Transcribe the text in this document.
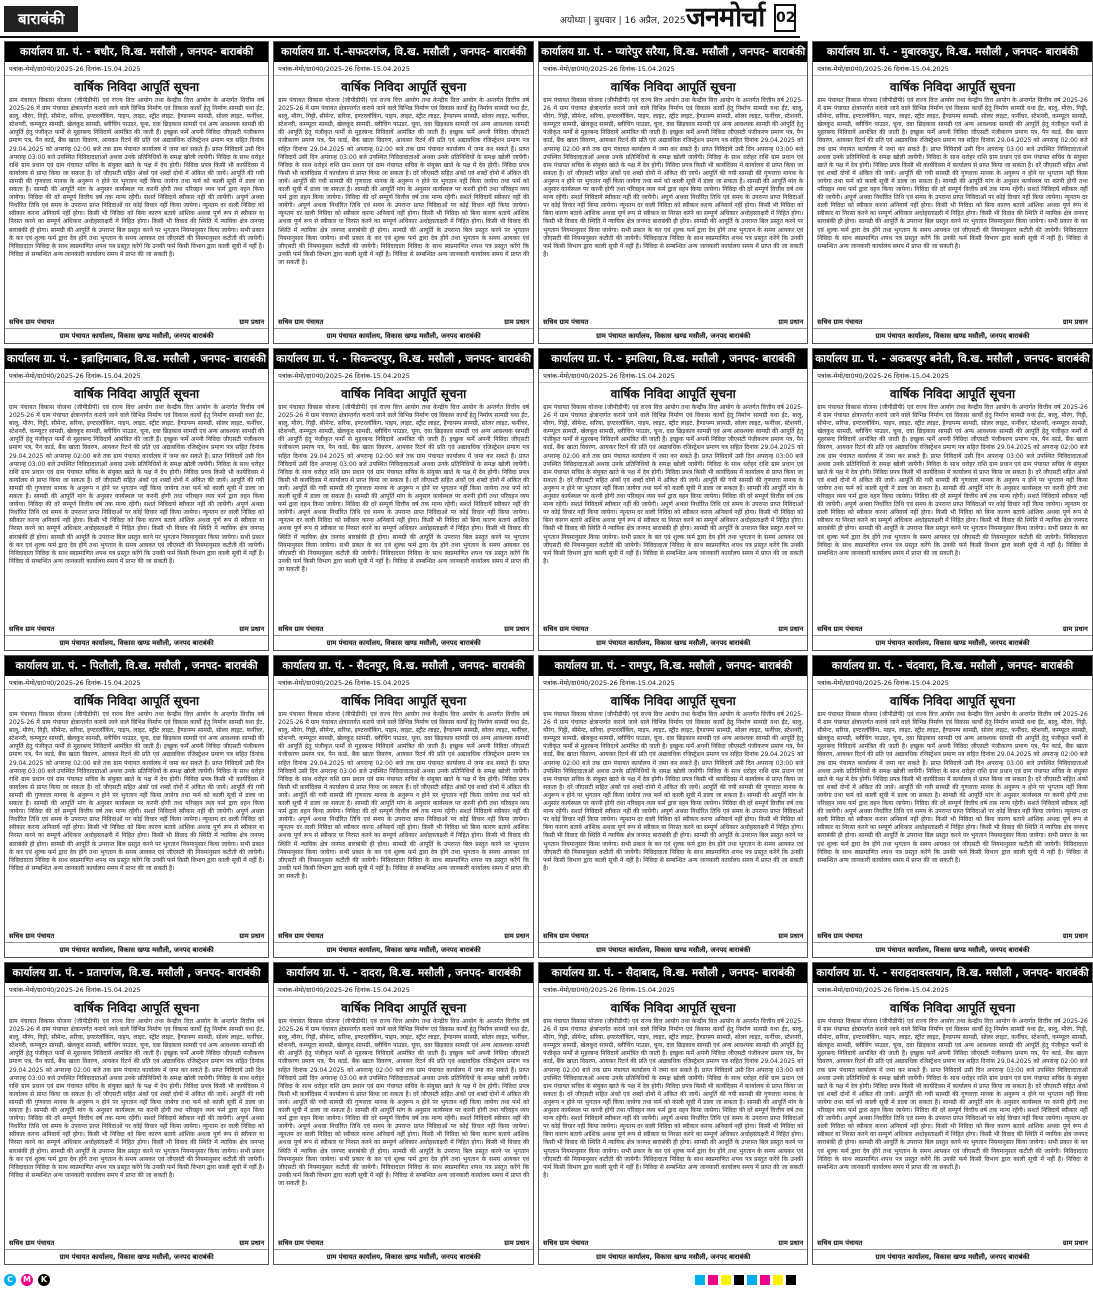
बाराबंकी	अयोध्या | बुधवार | 16 अप्रैल, 2025 जनमोर्चा 02
कार्यालय ग्रा. पं. - बधौर, वि.ख. मसौली , जनपद- बाराबंकी
पत्रांक-मेमो/ग्रा0पं0/2025-26 दिनांक-15.04.2025
वार्षिक निविदा आपूर्ति सूचना
ग्राम पंचायत विकास योजना (जीपीडीपी) एवं राज्य वित्त आयोग तथा केन्द्रीय वित्त आयोग के अन्तर्गत वित्तीय वर्ष 2025-26 में ग्राम पंचायत क्षेत्रान्तर्गत कराये जाने वाले विभिन्न निर्माण एवं विकास कार्यों हेतु निर्माण सामग्री यथा ईंट, बालू, मौरंग, गिट्टी, सीमेन्ट, सरिया, इण्टरलॉकिंग, पाइप, लाइट, स्ट्रीट लाइट, हैण्डपम्प सामग्री, सोलर लाइट, फर्नीचर, स्टेशनरी, कम्प्यूटर सामग्री, खेलकूद सामग्री, ब्लीचिंग पाउडर, चूना, दवा छिड़काव सामग्री एवं अन्य आवश्यक सामग्री की आपूर्ति हेतु पंजीकृत फर्मों से मुहरबन्द निविदायें आमंत्रित की जाती हैं। इच्छुक फर्में अपनी निविदा जीएसटी पंजीकरण प्रमाण पत्र, पैन कार्ड, बैंक खाता विवरण, आयकर रिटर्न की प्रति एवं अद्यावधिक रजिस्ट्रेशन प्रमाण पत्र सहित दिनांक 29.04.2025 को अपरान्ह 02:00 बजे तक ग्राम पंचायत कार्यालय में जमा कर सकते हैं। प्राप्त निविदायें उसी दिन अपरान्ह 03:00 बजे उपस्थित निविदादाताओं अथवा उनके प्रतिनिधियों के समक्ष खोली जायेंगी। निविदा के साथ धरोहर राशि ग्राम प्रधान एवं ग्राम पंचायत सचिव के संयुक्त खाते के पक्ष में देय होगी। निविदा प्रपत्र किसी भी कार्यदिवस में कार्यालय से प्राप्त किया जा सकता है। दरें जीएसटी सहित अंकों एवं शब्दों दोनों में अंकित की जायें। आपूर्ति की गयी सामग्री की गुणवत्ता मानक के अनुरूप न होने पर भुगतान नहीं किया जायेगा तथा फर्म को काली सूची में डाला जा सकता है। सामग्री की आपूर्ति मांग के अनुसार कार्यस्थल पर करनी होगी तथा परिवहन व्यय फर्म द्वारा वहन किया जायेगा। निविदा की दरें सम्पूर्ण वित्तीय वर्ष तक मान्य रहेंगी। सशर्त निविदायें स्वीकार नहीं की जायेंगी। अपूर्ण अथवा निर्धारित तिथि एवं समय के उपरान्त प्राप्त निविदाओं पर कोई विचार नहीं किया जायेगा। न्यूनतम दर वाली निविदा को स्वीकार करना अनिवार्य नहीं होगा। किसी भी निविदा को बिना कारण बताये आंशिक अथवा पूर्ण रूप से स्वीकार या निरस्त करने का सम्पूर्ण अधिकार अधोहस्ताक्षरी में निहित होगा। किसी भी विवाद की स्थिति में न्यायिक क्षेत्र जनपद बाराबंकी ही होगा। सामग्री की आपूर्ति के उपरान्त बिल प्रस्तुत करने पर भुगतान नियमानुसार किया जायेगा। सभी प्रकार के कर एवं शुल्क फर्म द्वारा देय होंगे तथा भुगतान के समय आयकर एवं जीएसटी की नियमानुसार कटौती की जायेगी। निविदादाता निविदा के साथ स्वप्रमाणित शपथ पत्र प्रस्तुत करेंगे कि उनकी फर्म किसी विभाग द्वारा काली सूची में नहीं है। निविदा से सम्बन्धित अन्य जानकारी कार्यालय समय में प्राप्त की जा सकती है।
सचिव ग्राम पंचायत	ग्राम प्रधान
ग्राम पंचायत कार्यालय, विकास खण्ड मसौली, जनपद बाराबंकी
कार्यालय ग्रा. पं.-सफदरगंज, वि.ख. मसौली , जनपद- बाराबंकी
पत्रांक-मेमो/ग्रा0पं0/2025-26 दिनांक-15.04.2025
वार्षिक निविदा आपूर्ति सूचना
ग्राम पंचायत विकास योजना (जीपीडीपी) एवं राज्य वित्त आयोग तथा केन्द्रीय वित्त आयोग के अन्तर्गत वित्तीय वर्ष 2025-26 में ग्राम पंचायत क्षेत्रान्तर्गत कराये जाने वाले विभिन्न निर्माण एवं विकास कार्यों हेतु निर्माण सामग्री यथा ईंट, बालू, मौरंग, गिट्टी, सीमेन्ट, सरिया, इण्टरलॉकिंग, पाइप, लाइट, स्ट्रीट लाइट, हैण्डपम्प सामग्री, सोलर लाइट, फर्नीचर, स्टेशनरी, कम्प्यूटर सामग्री, खेलकूद सामग्री, ब्लीचिंग पाउडर, चूना, दवा छिड़काव सामग्री एवं अन्य आवश्यक सामग्री की आपूर्ति हेतु पंजीकृत फर्मों से मुहरबन्द निविदायें आमंत्रित की जाती हैं। इच्छुक फर्में अपनी निविदा जीएसटी पंजीकरण प्रमाण पत्र, पैन कार्ड, बैंक खाता विवरण, आयकर रिटर्न की प्रति एवं अद्यावधिक रजिस्ट्रेशन प्रमाण पत्र सहित दिनांक 29.04.2025 को अपरान्ह 02:00 बजे तक ग्राम पंचायत कार्यालय में जमा कर सकते हैं। प्राप्त निविदायें उसी दिन अपरान्ह 03:00 बजे उपस्थित निविदादाताओं अथवा उनके प्रतिनिधियों के समक्ष खोली जायेंगी। निविदा के साथ धरोहर राशि ग्राम प्रधान एवं ग्राम पंचायत सचिव के संयुक्त खाते के पक्ष में देय होगी। निविदा प्रपत्र किसी भी कार्यदिवस में कार्यालय से प्राप्त किया जा सकता है। दरें जीएसटी सहित अंकों एवं शब्दों दोनों में अंकित की जायें। आपूर्ति की गयी सामग्री की गुणवत्ता मानक के अनुरूप न होने पर भुगतान नहीं किया जायेगा तथा फर्म को काली सूची में डाला जा सकता है। सामग्री की आपूर्ति मांग के अनुसार कार्यस्थल पर करनी होगी तथा परिवहन व्यय फर्म द्वारा वहन किया जायेगा। निविदा की दरें सम्पूर्ण वित्तीय वर्ष तक मान्य रहेंगी। सशर्त निविदायें स्वीकार नहीं की जायेंगी। अपूर्ण अथवा निर्धारित तिथि एवं समय के उपरान्त प्राप्त निविदाओं पर कोई विचार नहीं किया जायेगा। न्यूनतम दर वाली निविदा को स्वीकार करना अनिवार्य नहीं होगा। किसी भी निविदा को बिना कारण बताये आंशिक अथवा पूर्ण रूप से स्वीकार या निरस्त करने का सम्पूर्ण अधिकार अधोहस्ताक्षरी में निहित होगा। किसी भी विवाद की स्थिति में न्यायिक क्षेत्र जनपद बाराबंकी ही होगा। सामग्री की आपूर्ति के उपरान्त बिल प्रस्तुत करने पर भुगतान नियमानुसार किया जायेगा। सभी प्रकार के कर एवं शुल्क फर्म द्वारा देय होंगे तथा भुगतान के समय आयकर एवं जीएसटी की नियमानुसार कटौती की जायेगी। निविदादाता निविदा के साथ स्वप्रमाणित शपथ पत्र प्रस्तुत करेंगे कि उनकी फर्म किसी विभाग द्वारा काली सूची में नहीं है। निविदा से सम्बन्धित अन्य जानकारी कार्यालय समय में प्राप्त की जा सकती है।
सचिव ग्राम पंचायत	ग्राम प्रधान
ग्राम पंचायत कार्यालय, विकास खण्ड मसौली, जनपद बाराबंकी
कार्यालय ग्रा. पं. - प्यारेपुर सरैया, वि.ख. मसौली , जनपद- बाराबंकी
पत्रांक-मेमो/ग्रा0पं0/2025-26 दिनांक-15.04.2025
वार्षिक निविदा आपूर्ति सूचना
ग्राम पंचायत विकास योजना (जीपीडीपी) एवं राज्य वित्त आयोग तथा केन्द्रीय वित्त आयोग के अन्तर्गत वित्तीय वर्ष 2025-26 में ग्राम पंचायत क्षेत्रान्तर्गत कराये जाने वाले विभिन्न निर्माण एवं विकास कार्यों हेतु निर्माण सामग्री यथा ईंट, बालू, मौरंग, गिट्टी, सीमेन्ट, सरिया, इण्टरलॉकिंग, पाइप, लाइट, स्ट्रीट लाइट, हैण्डपम्प सामग्री, सोलर लाइट, फर्नीचर, स्टेशनरी, कम्प्यूटर सामग्री, खेलकूद सामग्री, ब्लीचिंग पाउडर, चूना, दवा छिड़काव सामग्री एवं अन्य आवश्यक सामग्री की आपूर्ति हेतु पंजीकृत फर्मों से मुहरबन्द निविदायें आमंत्रित की जाती हैं। इच्छुक फर्में अपनी निविदा जीएसटी पंजीकरण प्रमाण पत्र, पैन कार्ड, बैंक खाता विवरण, आयकर रिटर्न की प्रति एवं अद्यावधिक रजिस्ट्रेशन प्रमाण पत्र सहित दिनांक 29.04.2025 को अपरान्ह 02:00 बजे तक ग्राम पंचायत कार्यालय में जमा कर सकते हैं। प्राप्त निविदायें उसी दिन अपरान्ह 03:00 बजे उपस्थित निविदादाताओं अथवा उनके प्रतिनिधियों के समक्ष खोली जायेंगी। निविदा के साथ धरोहर राशि ग्राम प्रधान एवं ग्राम पंचायत सचिव के संयुक्त खाते के पक्ष में देय होगी। निविदा प्रपत्र किसी भी कार्यदिवस में कार्यालय से प्राप्त किया जा सकता है। दरें जीएसटी सहित अंकों एवं शब्दों दोनों में अंकित की जायें। आपूर्ति की गयी सामग्री की गुणवत्ता मानक के अनुरूप न होने पर भुगतान नहीं किया जायेगा तथा फर्म को काली सूची में डाला जा सकता है। सामग्री की आपूर्ति मांग के अनुसार कार्यस्थल पर करनी होगी तथा परिवहन व्यय फर्म द्वारा वहन किया जायेगा। निविदा की दरें सम्पूर्ण वित्तीय वर्ष तक मान्य रहेंगी। सशर्त निविदायें स्वीकार नहीं की जायेंगी। अपूर्ण अथवा निर्धारित तिथि एवं समय के उपरान्त प्राप्त निविदाओं पर कोई विचार नहीं किया जायेगा। न्यूनतम दर वाली निविदा को स्वीकार करना अनिवार्य नहीं होगा। किसी भी निविदा को बिना कारण बताये आंशिक अथवा पूर्ण रूप से स्वीकार या निरस्त करने का सम्पूर्ण अधिकार अधोहस्ताक्षरी में निहित होगा। किसी भी विवाद की स्थिति में न्यायिक क्षेत्र जनपद बाराबंकी ही होगा। सामग्री की आपूर्ति के उपरान्त बिल प्रस्तुत करने पर भुगतान नियमानुसार किया जायेगा। सभी प्रकार के कर एवं शुल्क फर्म द्वारा देय होंगे तथा भुगतान के समय आयकर एवं जीएसटी की नियमानुसार कटौती की जायेगी। निविदादाता निविदा के साथ स्वप्रमाणित शपथ पत्र प्रस्तुत करेंगे कि उनकी फर्म किसी विभाग द्वारा काली सूची में नहीं है। निविदा से सम्बन्धित अन्य जानकारी कार्यालय समय में प्राप्त की जा सकती है।
सचिव ग्राम पंचायत	ग्राम प्रधान
ग्राम पंचायत कार्यालय, विकास खण्ड मसौली, जनपद बाराबंकी
कार्यालय ग्रा. पं. - मुबारकपुर, वि.ख. मसौली , जनपद- बाराबंकी
पत्रांक-मेमो/ग्रा0पं0/2025-26 दिनांक-15.04.2025
वार्षिक निविदा आपूर्ति सूचना
ग्राम पंचायत विकास योजना (जीपीडीपी) एवं राज्य वित्त आयोग तथा केन्द्रीय वित्त आयोग के अन्तर्गत वित्तीय वर्ष 2025-26 में ग्राम पंचायत क्षेत्रान्तर्गत कराये जाने वाले विभिन्न निर्माण एवं विकास कार्यों हेतु निर्माण सामग्री यथा ईंट, बालू, मौरंग, गिट्टी, सीमेन्ट, सरिया, इण्टरलॉकिंग, पाइप, लाइट, स्ट्रीट लाइट, हैण्डपम्प सामग्री, सोलर लाइट, फर्नीचर, स्टेशनरी, कम्प्यूटर सामग्री, खेलकूद सामग्री, ब्लीचिंग पाउडर, चूना, दवा छिड़काव सामग्री एवं अन्य आवश्यक सामग्री की आपूर्ति हेतु पंजीकृत फर्मों से मुहरबन्द निविदायें आमंत्रित की जाती हैं। इच्छुक फर्में अपनी निविदा जीएसटी पंजीकरण प्रमाण पत्र, पैन कार्ड, बैंक खाता विवरण, आयकर रिटर्न की प्रति एवं अद्यावधिक रजिस्ट्रेशन प्रमाण पत्र सहित दिनांक 29.04.2025 को अपरान्ह 02:00 बजे तक ग्राम पंचायत कार्यालय में जमा कर सकते हैं। प्राप्त निविदायें उसी दिन अपरान्ह 03:00 बजे उपस्थित निविदादाताओं अथवा उनके प्रतिनिधियों के समक्ष खोली जायेंगी। निविदा के साथ धरोहर राशि ग्राम प्रधान एवं ग्राम पंचायत सचिव के संयुक्त खाते के पक्ष में देय होगी। निविदा प्रपत्र किसी भी कार्यदिवस में कार्यालय से प्राप्त किया जा सकता है। दरें जीएसटी सहित अंकों एवं शब्दों दोनों में अंकित की जायें। आपूर्ति की गयी सामग्री की गुणवत्ता मानक के अनुरूप न होने पर भुगतान नहीं किया जायेगा तथा फर्म को काली सूची में डाला जा सकता है। सामग्री की आपूर्ति मांग के अनुसार कार्यस्थल पर करनी होगी तथा परिवहन व्यय फर्म द्वारा वहन किया जायेगा। निविदा की दरें सम्पूर्ण वित्तीय वर्ष तक मान्य रहेंगी। सशर्त निविदायें स्वीकार नहीं की जायेंगी। अपूर्ण अथवा निर्धारित तिथि एवं समय के उपरान्त प्राप्त निविदाओं पर कोई विचार नहीं किया जायेगा। न्यूनतम दर वाली निविदा को स्वीकार करना अनिवार्य नहीं होगा। किसी भी निविदा को बिना कारण बताये आंशिक अथवा पूर्ण रूप से स्वीकार या निरस्त करने का सम्पूर्ण अधिकार अधोहस्ताक्षरी में निहित होगा। किसी भी विवाद की स्थिति में न्यायिक क्षेत्र जनपद बाराबंकी ही होगा। सामग्री की आपूर्ति के उपरान्त बिल प्रस्तुत करने पर भुगतान नियमानुसार किया जायेगा। सभी प्रकार के कर एवं शुल्क फर्म द्वारा देय होंगे तथा भुगतान के समय आयकर एवं जीएसटी की नियमानुसार कटौती की जायेगी। निविदादाता निविदा के साथ स्वप्रमाणित शपथ पत्र प्रस्तुत करेंगे कि उनकी फर्म किसी विभाग द्वारा काली सूची में नहीं है। निविदा से सम्बन्धित अन्य जानकारी कार्यालय समय में प्राप्त की जा सकती है।
सचिव ग्राम पंचायत	ग्राम प्रधान
ग्राम पंचायत कार्यालय, विकास खण्ड मसौली, जनपद बाराबंकी
कार्यालय ग्रा. पं. - इब्राहिमाबाद, वि.ख. मसौली , जनपद- बाराबंकी
पत्रांक-मेमो/ग्रा0पं0/2025-26 दिनांक-15.04.2025
वार्षिक निविदा आपूर्ति सूचना
ग्राम पंचायत विकास योजना (जीपीडीपी) एवं राज्य वित्त आयोग तथा केन्द्रीय वित्त आयोग के अन्तर्गत वित्तीय वर्ष 2025-26 में ग्राम पंचायत क्षेत्रान्तर्गत कराये जाने वाले विभिन्न निर्माण एवं विकास कार्यों हेतु निर्माण सामग्री यथा ईंट, बालू, मौरंग, गिट्टी, सीमेन्ट, सरिया, इण्टरलॉकिंग, पाइप, लाइट, स्ट्रीट लाइट, हैण्डपम्प सामग्री, सोलर लाइट, फर्नीचर, स्टेशनरी, कम्प्यूटर सामग्री, खेलकूद सामग्री, ब्लीचिंग पाउडर, चूना, दवा छिड़काव सामग्री एवं अन्य आवश्यक सामग्री की आपूर्ति हेतु पंजीकृत फर्मों से मुहरबन्द निविदायें आमंत्रित की जाती हैं। इच्छुक फर्में अपनी निविदा जीएसटी पंजीकरण प्रमाण पत्र, पैन कार्ड, बैंक खाता विवरण, आयकर रिटर्न की प्रति एवं अद्यावधिक रजिस्ट्रेशन प्रमाण पत्र सहित दिनांक 29.04.2025 को अपरान्ह 02:00 बजे तक ग्राम पंचायत कार्यालय में जमा कर सकते हैं। प्राप्त निविदायें उसी दिन अपरान्ह 03:00 बजे उपस्थित निविदादाताओं अथवा उनके प्रतिनिधियों के समक्ष खोली जायेंगी। निविदा के साथ धरोहर राशि ग्राम प्रधान एवं ग्राम पंचायत सचिव के संयुक्त खाते के पक्ष में देय होगी। निविदा प्रपत्र किसी भी कार्यदिवस में कार्यालय से प्राप्त किया जा सकता है। दरें जीएसटी सहित अंकों एवं शब्दों दोनों में अंकित की जायें। आपूर्ति की गयी सामग्री की गुणवत्ता मानक के अनुरूप न होने पर भुगतान नहीं किया जायेगा तथा फर्म को काली सूची में डाला जा सकता है। सामग्री की आपूर्ति मांग के अनुसार कार्यस्थल पर करनी होगी तथा परिवहन व्यय फर्म द्वारा वहन किया जायेगा। निविदा की दरें सम्पूर्ण वित्तीय वर्ष तक मान्य रहेंगी। सशर्त निविदायें स्वीकार नहीं की जायेंगी। अपूर्ण अथवा निर्धारित तिथि एवं समय के उपरान्त प्राप्त निविदाओं पर कोई विचार नहीं किया जायेगा। न्यूनतम दर वाली निविदा को स्वीकार करना अनिवार्य नहीं होगा। किसी भी निविदा को बिना कारण बताये आंशिक अथवा पूर्ण रूप से स्वीकार या निरस्त करने का सम्पूर्ण अधिकार अधोहस्ताक्षरी में निहित होगा। किसी भी विवाद की स्थिति में न्यायिक क्षेत्र जनपद बाराबंकी ही होगा। सामग्री की आपूर्ति के उपरान्त बिल प्रस्तुत करने पर भुगतान नियमानुसार किया जायेगा। सभी प्रकार के कर एवं शुल्क फर्म द्वारा देय होंगे तथा भुगतान के समय आयकर एवं जीएसटी की नियमानुसार कटौती की जायेगी। निविदादाता निविदा के साथ स्वप्रमाणित शपथ पत्र प्रस्तुत करेंगे कि उनकी फर्म किसी विभाग द्वारा काली सूची में नहीं है। निविदा से सम्बन्धित अन्य जानकारी कार्यालय समय में प्राप्त की जा सकती है।
सचिव ग्राम पंचायत	ग्राम प्रधान
ग्राम पंचायत कार्यालय, विकास खण्ड मसौली, जनपद बाराबंकी
कार्यालय ग्रा. पं. - सिकन्दरपुर, वि.ख. मसौली , जनपद- बाराबंकी
पत्रांक-मेमो/ग्रा0पं0/2025-26 दिनांक-15.04.2025
वार्षिक निविदा आपूर्ति सूचना
ग्राम पंचायत विकास योजना (जीपीडीपी) एवं राज्य वित्त आयोग तथा केन्द्रीय वित्त आयोग के अन्तर्गत वित्तीय वर्ष 2025-26 में ग्राम पंचायत क्षेत्रान्तर्गत कराये जाने वाले विभिन्न निर्माण एवं विकास कार्यों हेतु निर्माण सामग्री यथा ईंट, बालू, मौरंग, गिट्टी, सीमेन्ट, सरिया, इण्टरलॉकिंग, पाइप, लाइट, स्ट्रीट लाइट, हैण्डपम्प सामग्री, सोलर लाइट, फर्नीचर, स्टेशनरी, कम्प्यूटर सामग्री, खेलकूद सामग्री, ब्लीचिंग पाउडर, चूना, दवा छिड़काव सामग्री एवं अन्य आवश्यक सामग्री की आपूर्ति हेतु पंजीकृत फर्मों से मुहरबन्द निविदायें आमंत्रित की जाती हैं। इच्छुक फर्में अपनी निविदा जीएसटी पंजीकरण प्रमाण पत्र, पैन कार्ड, बैंक खाता विवरण, आयकर रिटर्न की प्रति एवं अद्यावधिक रजिस्ट्रेशन प्रमाण पत्र सहित दिनांक 29.04.2025 को अपरान्ह 02:00 बजे तक ग्राम पंचायत कार्यालय में जमा कर सकते हैं। प्राप्त निविदायें उसी दिन अपरान्ह 03:00 बजे उपस्थित निविदादाताओं अथवा उनके प्रतिनिधियों के समक्ष खोली जायेंगी। निविदा के साथ धरोहर राशि ग्राम प्रधान एवं ग्राम पंचायत सचिव के संयुक्त खाते के पक्ष में देय होगी। निविदा प्रपत्र किसी भी कार्यदिवस में कार्यालय से प्राप्त किया जा सकता है। दरें जीएसटी सहित अंकों एवं शब्दों दोनों में अंकित की जायें। आपूर्ति की गयी सामग्री की गुणवत्ता मानक के अनुरूप न होने पर भुगतान नहीं किया जायेगा तथा फर्म को काली सूची में डाला जा सकता है। सामग्री की आपूर्ति मांग के अनुसार कार्यस्थल पर करनी होगी तथा परिवहन व्यय फर्म द्वारा वहन किया जायेगा। निविदा की दरें सम्पूर्ण वित्तीय वर्ष तक मान्य रहेंगी। सशर्त निविदायें स्वीकार नहीं की जायेंगी। अपूर्ण अथवा निर्धारित तिथि एवं समय के उपरान्त प्राप्त निविदाओं पर कोई विचार नहीं किया जायेगा। न्यूनतम दर वाली निविदा को स्वीकार करना अनिवार्य नहीं होगा। किसी भी निविदा को बिना कारण बताये आंशिक अथवा पूर्ण रूप से स्वीकार या निरस्त करने का सम्पूर्ण अधिकार अधोहस्ताक्षरी में निहित होगा। किसी भी विवाद की स्थिति में न्यायिक क्षेत्र जनपद बाराबंकी ही होगा। सामग्री की आपूर्ति के उपरान्त बिल प्रस्तुत करने पर भुगतान नियमानुसार किया जायेगा। सभी प्रकार के कर एवं शुल्क फर्म द्वारा देय होंगे तथा भुगतान के समय आयकर एवं जीएसटी की नियमानुसार कटौती की जायेगी। निविदादाता निविदा के साथ स्वप्रमाणित शपथ पत्र प्रस्तुत करेंगे कि उनकी फर्म किसी विभाग द्वारा काली सूची में नहीं है। निविदा से सम्बन्धित अन्य जानकारी कार्यालय समय में प्राप्त की जा सकती है।
सचिव ग्राम पंचायत	ग्राम प्रधान
ग्राम पंचायत कार्यालय, विकास खण्ड मसौली, जनपद बाराबंकी
कार्यालय ग्रा. पं. - इमलिया, वि.ख. मसौली , जनपद- बाराबंकी
पत्रांक-मेमो/ग्रा0पं0/2025-26 दिनांक-15.04.2025
वार्षिक निविदा आपूर्ति सूचना
ग्राम पंचायत विकास योजना (जीपीडीपी) एवं राज्य वित्त आयोग तथा केन्द्रीय वित्त आयोग के अन्तर्गत वित्तीय वर्ष 2025-26 में ग्राम पंचायत क्षेत्रान्तर्गत कराये जाने वाले विभिन्न निर्माण एवं विकास कार्यों हेतु निर्माण सामग्री यथा ईंट, बालू, मौरंग, गिट्टी, सीमेन्ट, सरिया, इण्टरलॉकिंग, पाइप, लाइट, स्ट्रीट लाइट, हैण्डपम्प सामग्री, सोलर लाइट, फर्नीचर, स्टेशनरी, कम्प्यूटर सामग्री, खेलकूद सामग्री, ब्लीचिंग पाउडर, चूना, दवा छिड़काव सामग्री एवं अन्य आवश्यक सामग्री की आपूर्ति हेतु पंजीकृत फर्मों से मुहरबन्द निविदायें आमंत्रित की जाती हैं। इच्छुक फर्में अपनी निविदा जीएसटी पंजीकरण प्रमाण पत्र, पैन कार्ड, बैंक खाता विवरण, आयकर रिटर्न की प्रति एवं अद्यावधिक रजिस्ट्रेशन प्रमाण पत्र सहित दिनांक 29.04.2025 को अपरान्ह 02:00 बजे तक ग्राम पंचायत कार्यालय में जमा कर सकते हैं। प्राप्त निविदायें उसी दिन अपरान्ह 03:00 बजे उपस्थित निविदादाताओं अथवा उनके प्रतिनिधियों के समक्ष खोली जायेंगी। निविदा के साथ धरोहर राशि ग्राम प्रधान एवं ग्राम पंचायत सचिव के संयुक्त खाते के पक्ष में देय होगी। निविदा प्रपत्र किसी भी कार्यदिवस में कार्यालय से प्राप्त किया जा सकता है। दरें जीएसटी सहित अंकों एवं शब्दों दोनों में अंकित की जायें। आपूर्ति की गयी सामग्री की गुणवत्ता मानक के अनुरूप न होने पर भुगतान नहीं किया जायेगा तथा फर्म को काली सूची में डाला जा सकता है। सामग्री की आपूर्ति मांग के अनुसार कार्यस्थल पर करनी होगी तथा परिवहन व्यय फर्म द्वारा वहन किया जायेगा। निविदा की दरें सम्पूर्ण वित्तीय वर्ष तक मान्य रहेंगी। सशर्त निविदायें स्वीकार नहीं की जायेंगी। अपूर्ण अथवा निर्धारित तिथि एवं समय के उपरान्त प्राप्त निविदाओं पर कोई विचार नहीं किया जायेगा। न्यूनतम दर वाली निविदा को स्वीकार करना अनिवार्य नहीं होगा। किसी भी निविदा को बिना कारण बताये आंशिक अथवा पूर्ण रूप से स्वीकार या निरस्त करने का सम्पूर्ण अधिकार अधोहस्ताक्षरी में निहित होगा। किसी भी विवाद की स्थिति में न्यायिक क्षेत्र जनपद बाराबंकी ही होगा। सामग्री की आपूर्ति के उपरान्त बिल प्रस्तुत करने पर भुगतान नियमानुसार किया जायेगा। सभी प्रकार के कर एवं शुल्क फर्म द्वारा देय होंगे तथा भुगतान के समय आयकर एवं जीएसटी की नियमानुसार कटौती की जायेगी। निविदादाता निविदा के साथ स्वप्रमाणित शपथ पत्र प्रस्तुत करेंगे कि उनकी फर्म किसी विभाग द्वारा काली सूची में नहीं है। निविदा से सम्बन्धित अन्य जानकारी कार्यालय समय में प्राप्त की जा सकती है।
सचिव ग्राम पंचायत	ग्राम प्रधान
ग्राम पंचायत कार्यालय, विकास खण्ड मसौली, जनपद बाराबंकी
कार्यालय ग्रा. पं. - अकबरपुर बनेती, वि.ख. मसौली , जनपद- बाराबंकी
पत्रांक-मेमो/ग्रा0पं0/2025-26 दिनांक-15.04.2025
वार्षिक निविदा आपूर्ति सूचना
ग्राम पंचायत विकास योजना (जीपीडीपी) एवं राज्य वित्त आयोग तथा केन्द्रीय वित्त आयोग के अन्तर्गत वित्तीय वर्ष 2025-26 में ग्राम पंचायत क्षेत्रान्तर्गत कराये जाने वाले विभिन्न निर्माण एवं विकास कार्यों हेतु निर्माण सामग्री यथा ईंट, बालू, मौरंग, गिट्टी, सीमेन्ट, सरिया, इण्टरलॉकिंग, पाइप, लाइट, स्ट्रीट लाइट, हैण्डपम्प सामग्री, सोलर लाइट, फर्नीचर, स्टेशनरी, कम्प्यूटर सामग्री, खेलकूद सामग्री, ब्लीचिंग पाउडर, चूना, दवा छिड़काव सामग्री एवं अन्य आवश्यक सामग्री की आपूर्ति हेतु पंजीकृत फर्मों से मुहरबन्द निविदायें आमंत्रित की जाती हैं। इच्छुक फर्में अपनी निविदा जीएसटी पंजीकरण प्रमाण पत्र, पैन कार्ड, बैंक खाता विवरण, आयकर रिटर्न की प्रति एवं अद्यावधिक रजिस्ट्रेशन प्रमाण पत्र सहित दिनांक 29.04.2025 को अपरान्ह 02:00 बजे तक ग्राम पंचायत कार्यालय में जमा कर सकते हैं। प्राप्त निविदायें उसी दिन अपरान्ह 03:00 बजे उपस्थित निविदादाताओं अथवा उनके प्रतिनिधियों के समक्ष खोली जायेंगी। निविदा के साथ धरोहर राशि ग्राम प्रधान एवं ग्राम पंचायत सचिव के संयुक्त खाते के पक्ष में देय होगी। निविदा प्रपत्र किसी भी कार्यदिवस में कार्यालय से प्राप्त किया जा सकता है। दरें जीएसटी सहित अंकों एवं शब्दों दोनों में अंकित की जायें। आपूर्ति की गयी सामग्री की गुणवत्ता मानक के अनुरूप न होने पर भुगतान नहीं किया जायेगा तथा फर्म को काली सूची में डाला जा सकता है। सामग्री की आपूर्ति मांग के अनुसार कार्यस्थल पर करनी होगी तथा परिवहन व्यय फर्म द्वारा वहन किया जायेगा। निविदा की दरें सम्पूर्ण वित्तीय वर्ष तक मान्य रहेंगी। सशर्त निविदायें स्वीकार नहीं की जायेंगी। अपूर्ण अथवा निर्धारित तिथि एवं समय के उपरान्त प्राप्त निविदाओं पर कोई विचार नहीं किया जायेगा। न्यूनतम दर वाली निविदा को स्वीकार करना अनिवार्य नहीं होगा। किसी भी निविदा को बिना कारण बताये आंशिक अथवा पूर्ण रूप से स्वीकार या निरस्त करने का सम्पूर्ण अधिकार अधोहस्ताक्षरी में निहित होगा। किसी भी विवाद की स्थिति में न्यायिक क्षेत्र जनपद बाराबंकी ही होगा। सामग्री की आपूर्ति के उपरान्त बिल प्रस्तुत करने पर भुगतान नियमानुसार किया जायेगा। सभी प्रकार के कर एवं शुल्क फर्म द्वारा देय होंगे तथा भुगतान के समय आयकर एवं जीएसटी की नियमानुसार कटौती की जायेगी। निविदादाता निविदा के साथ स्वप्रमाणित शपथ पत्र प्रस्तुत करेंगे कि उनकी फर्म किसी विभाग द्वारा काली सूची में नहीं है। निविदा से सम्बन्धित अन्य जानकारी कार्यालय समय में प्राप्त की जा सकती है।
सचिव ग्राम पंचायत	ग्राम प्रधान
ग्राम पंचायत कार्यालय, विकास खण्ड मसौली, जनपद बाराबंकी
कार्यालय ग्रा. पं. - पिलौली, वि.ख. मसौली , जनपद- बाराबंकी
पत्रांक-मेमो/ग्रा0पं0/2025-26 दिनांक-15.04.2025
वार्षिक निविदा आपूर्ति सूचना
ग्राम पंचायत विकास योजना (जीपीडीपी) एवं राज्य वित्त आयोग तथा केन्द्रीय वित्त आयोग के अन्तर्गत वित्तीय वर्ष 2025-26 में ग्राम पंचायत क्षेत्रान्तर्गत कराये जाने वाले विभिन्न निर्माण एवं विकास कार्यों हेतु निर्माण सामग्री यथा ईंट, बालू, मौरंग, गिट्टी, सीमेन्ट, सरिया, इण्टरलॉकिंग, पाइप, लाइट, स्ट्रीट लाइट, हैण्डपम्प सामग्री, सोलर लाइट, फर्नीचर, स्टेशनरी, कम्प्यूटर सामग्री, खेलकूद सामग्री, ब्लीचिंग पाउडर, चूना, दवा छिड़काव सामग्री एवं अन्य आवश्यक सामग्री की आपूर्ति हेतु पंजीकृत फर्मों से मुहरबन्द निविदायें आमंत्रित की जाती हैं। इच्छुक फर्में अपनी निविदा जीएसटी पंजीकरण प्रमाण पत्र, पैन कार्ड, बैंक खाता विवरण, आयकर रिटर्न की प्रति एवं अद्यावधिक रजिस्ट्रेशन प्रमाण पत्र सहित दिनांक 29.04.2025 को अपरान्ह 02:00 बजे तक ग्राम पंचायत कार्यालय में जमा कर सकते हैं। प्राप्त निविदायें उसी दिन अपरान्ह 03:00 बजे उपस्थित निविदादाताओं अथवा उनके प्रतिनिधियों के समक्ष खोली जायेंगी। निविदा के साथ धरोहर राशि ग्राम प्रधान एवं ग्राम पंचायत सचिव के संयुक्त खाते के पक्ष में देय होगी। निविदा प्रपत्र किसी भी कार्यदिवस में कार्यालय से प्राप्त किया जा सकता है। दरें जीएसटी सहित अंकों एवं शब्दों दोनों में अंकित की जायें। आपूर्ति की गयी सामग्री की गुणवत्ता मानक के अनुरूप न होने पर भुगतान नहीं किया जायेगा तथा फर्म को काली सूची में डाला जा सकता है। सामग्री की आपूर्ति मांग के अनुसार कार्यस्थल पर करनी होगी तथा परिवहन व्यय फर्म द्वारा वहन किया जायेगा। निविदा की दरें सम्पूर्ण वित्तीय वर्ष तक मान्य रहेंगी। सशर्त निविदायें स्वीकार नहीं की जायेंगी। अपूर्ण अथवा निर्धारित तिथि एवं समय के उपरान्त प्राप्त निविदाओं पर कोई विचार नहीं किया जायेगा। न्यूनतम दर वाली निविदा को स्वीकार करना अनिवार्य नहीं होगा। किसी भी निविदा को बिना कारण बताये आंशिक अथवा पूर्ण रूप से स्वीकार या निरस्त करने का सम्पूर्ण अधिकार अधोहस्ताक्षरी में निहित होगा। किसी भी विवाद की स्थिति में न्यायिक क्षेत्र जनपद बाराबंकी ही होगा। सामग्री की आपूर्ति के उपरान्त बिल प्रस्तुत करने पर भुगतान नियमानुसार किया जायेगा। सभी प्रकार के कर एवं शुल्क फर्म द्वारा देय होंगे तथा भुगतान के समय आयकर एवं जीएसटी की नियमानुसार कटौती की जायेगी। निविदादाता निविदा के साथ स्वप्रमाणित शपथ पत्र प्रस्तुत करेंगे कि उनकी फर्म किसी विभाग द्वारा काली सूची में नहीं है। निविदा से सम्बन्धित अन्य जानकारी कार्यालय समय में प्राप्त की जा सकती है।
सचिव ग्राम पंचायत	ग्राम प्रधान
ग्राम पंचायत कार्यालय, विकास खण्ड मसौली, जनपद बाराबंकी
कार्यालय ग्रा. पं. - सैदनपुर, वि.ख. मसौली , जनपद- बाराबंकी
पत्रांक-मेमो/ग्रा0पं0/2025-26 दिनांक-15.04.2025
वार्षिक निविदा आपूर्ति सूचना
ग्राम पंचायत विकास योजना (जीपीडीपी) एवं राज्य वित्त आयोग तथा केन्द्रीय वित्त आयोग के अन्तर्गत वित्तीय वर्ष 2025-26 में ग्राम पंचायत क्षेत्रान्तर्गत कराये जाने वाले विभिन्न निर्माण एवं विकास कार्यों हेतु निर्माण सामग्री यथा ईंट, बालू, मौरंग, गिट्टी, सीमेन्ट, सरिया, इण्टरलॉकिंग, पाइप, लाइट, स्ट्रीट लाइट, हैण्डपम्प सामग्री, सोलर लाइट, फर्नीचर, स्टेशनरी, कम्प्यूटर सामग्री, खेलकूद सामग्री, ब्लीचिंग पाउडर, चूना, दवा छिड़काव सामग्री एवं अन्य आवश्यक सामग्री की आपूर्ति हेतु पंजीकृत फर्मों से मुहरबन्द निविदायें आमंत्रित की जाती हैं। इच्छुक फर्में अपनी निविदा जीएसटी पंजीकरण प्रमाण पत्र, पैन कार्ड, बैंक खाता विवरण, आयकर रिटर्न की प्रति एवं अद्यावधिक रजिस्ट्रेशन प्रमाण पत्र सहित दिनांक 29.04.2025 को अपरान्ह 02:00 बजे तक ग्राम पंचायत कार्यालय में जमा कर सकते हैं। प्राप्त निविदायें उसी दिन अपरान्ह 03:00 बजे उपस्थित निविदादाताओं अथवा उनके प्रतिनिधियों के समक्ष खोली जायेंगी। निविदा के साथ धरोहर राशि ग्राम प्रधान एवं ग्राम पंचायत सचिव के संयुक्त खाते के पक्ष में देय होगी। निविदा प्रपत्र किसी भी कार्यदिवस में कार्यालय से प्राप्त किया जा सकता है। दरें जीएसटी सहित अंकों एवं शब्दों दोनों में अंकित की जायें। आपूर्ति की गयी सामग्री की गुणवत्ता मानक के अनुरूप न होने पर भुगतान नहीं किया जायेगा तथा फर्म को काली सूची में डाला जा सकता है। सामग्री की आपूर्ति मांग के अनुसार कार्यस्थल पर करनी होगी तथा परिवहन व्यय फर्म द्वारा वहन किया जायेगा। निविदा की दरें सम्पूर्ण वित्तीय वर्ष तक मान्य रहेंगी। सशर्त निविदायें स्वीकार नहीं की जायेंगी। अपूर्ण अथवा निर्धारित तिथि एवं समय के उपरान्त प्राप्त निविदाओं पर कोई विचार नहीं किया जायेगा। न्यूनतम दर वाली निविदा को स्वीकार करना अनिवार्य नहीं होगा। किसी भी निविदा को बिना कारण बताये आंशिक अथवा पूर्ण रूप से स्वीकार या निरस्त करने का सम्पूर्ण अधिकार अधोहस्ताक्षरी में निहित होगा। किसी भी विवाद की स्थिति में न्यायिक क्षेत्र जनपद बाराबंकी ही होगा। सामग्री की आपूर्ति के उपरान्त बिल प्रस्तुत करने पर भुगतान नियमानुसार किया जायेगा। सभी प्रकार के कर एवं शुल्क फर्म द्वारा देय होंगे तथा भुगतान के समय आयकर एवं जीएसटी की नियमानुसार कटौती की जायेगी। निविदादाता निविदा के साथ स्वप्रमाणित शपथ पत्र प्रस्तुत करेंगे कि उनकी फर्म किसी विभाग द्वारा काली सूची में नहीं है। निविदा से सम्बन्धित अन्य जानकारी कार्यालय समय में प्राप्त की जा सकती है।
सचिव ग्राम पंचायत	ग्राम प्रधान
ग्राम पंचायत कार्यालय, विकास खण्ड मसौली, जनपद बाराबंकी
कार्यालय ग्रा. पं. - रामपुर, वि.ख. मसौली , जनपद- बाराबंकी
पत्रांक-मेमो/ग्रा0पं0/2025-26 दिनांक-15.04.2025
वार्षिक निविदा आपूर्ति सूचना
ग्राम पंचायत विकास योजना (जीपीडीपी) एवं राज्य वित्त आयोग तथा केन्द्रीय वित्त आयोग के अन्तर्गत वित्तीय वर्ष 2025-26 में ग्राम पंचायत क्षेत्रान्तर्गत कराये जाने वाले विभिन्न निर्माण एवं विकास कार्यों हेतु निर्माण सामग्री यथा ईंट, बालू, मौरंग, गिट्टी, सीमेन्ट, सरिया, इण्टरलॉकिंग, पाइप, लाइट, स्ट्रीट लाइट, हैण्डपम्प सामग्री, सोलर लाइट, फर्नीचर, स्टेशनरी, कम्प्यूटर सामग्री, खेलकूद सामग्री, ब्लीचिंग पाउडर, चूना, दवा छिड़काव सामग्री एवं अन्य आवश्यक सामग्री की आपूर्ति हेतु पंजीकृत फर्मों से मुहरबन्द निविदायें आमंत्रित की जाती हैं। इच्छुक फर्में अपनी निविदा जीएसटी पंजीकरण प्रमाण पत्र, पैन कार्ड, बैंक खाता विवरण, आयकर रिटर्न की प्रति एवं अद्यावधिक रजिस्ट्रेशन प्रमाण पत्र सहित दिनांक 29.04.2025 को अपरान्ह 02:00 बजे तक ग्राम पंचायत कार्यालय में जमा कर सकते हैं। प्राप्त निविदायें उसी दिन अपरान्ह 03:00 बजे उपस्थित निविदादाताओं अथवा उनके प्रतिनिधियों के समक्ष खोली जायेंगी। निविदा के साथ धरोहर राशि ग्राम प्रधान एवं ग्राम पंचायत सचिव के संयुक्त खाते के पक्ष में देय होगी। निविदा प्रपत्र किसी भी कार्यदिवस में कार्यालय से प्राप्त किया जा सकता है। दरें जीएसटी सहित अंकों एवं शब्दों दोनों में अंकित की जायें। आपूर्ति की गयी सामग्री की गुणवत्ता मानक के अनुरूप न होने पर भुगतान नहीं किया जायेगा तथा फर्म को काली सूची में डाला जा सकता है। सामग्री की आपूर्ति मांग के अनुसार कार्यस्थल पर करनी होगी तथा परिवहन व्यय फर्म द्वारा वहन किया जायेगा। निविदा की दरें सम्पूर्ण वित्तीय वर्ष तक मान्य रहेंगी। सशर्त निविदायें स्वीकार नहीं की जायेंगी। अपूर्ण अथवा निर्धारित तिथि एवं समय के उपरान्त प्राप्त निविदाओं पर कोई विचार नहीं किया जायेगा। न्यूनतम दर वाली निविदा को स्वीकार करना अनिवार्य नहीं होगा। किसी भी निविदा को बिना कारण बताये आंशिक अथवा पूर्ण रूप से स्वीकार या निरस्त करने का सम्पूर्ण अधिकार अधोहस्ताक्षरी में निहित होगा। किसी भी विवाद की स्थिति में न्यायिक क्षेत्र जनपद बाराबंकी ही होगा। सामग्री की आपूर्ति के उपरान्त बिल प्रस्तुत करने पर भुगतान नियमानुसार किया जायेगा। सभी प्रकार के कर एवं शुल्क फर्म द्वारा देय होंगे तथा भुगतान के समय आयकर एवं जीएसटी की नियमानुसार कटौती की जायेगी। निविदादाता निविदा के साथ स्वप्रमाणित शपथ पत्र प्रस्तुत करेंगे कि उनकी फर्म किसी विभाग द्वारा काली सूची में नहीं है। निविदा से सम्बन्धित अन्य जानकारी कार्यालय समय में प्राप्त की जा सकती है।
सचिव ग्राम पंचायत	ग्राम प्रधान
ग्राम पंचायत कार्यालय, विकास खण्ड मसौली, जनपद बाराबंकी
कार्यालय ग्रा. पं. - चंदवारा, वि.ख. मसौली , जनपद- बाराबंकी
पत्रांक-मेमो/ग्रा0पं0/2025-26 दिनांक-15.04.2025
वार्षिक निविदा आपूर्ति सूचना
ग्राम पंचायत विकास योजना (जीपीडीपी) एवं राज्य वित्त आयोग तथा केन्द्रीय वित्त आयोग के अन्तर्गत वित्तीय वर्ष 2025-26 में ग्राम पंचायत क्षेत्रान्तर्गत कराये जाने वाले विभिन्न निर्माण एवं विकास कार्यों हेतु निर्माण सामग्री यथा ईंट, बालू, मौरंग, गिट्टी, सीमेन्ट, सरिया, इण्टरलॉकिंग, पाइप, लाइट, स्ट्रीट लाइट, हैण्डपम्प सामग्री, सोलर लाइट, फर्नीचर, स्टेशनरी, कम्प्यूटर सामग्री, खेलकूद सामग्री, ब्लीचिंग पाउडर, चूना, दवा छिड़काव सामग्री एवं अन्य आवश्यक सामग्री की आपूर्ति हेतु पंजीकृत फर्मों से मुहरबन्द निविदायें आमंत्रित की जाती हैं। इच्छुक फर्में अपनी निविदा जीएसटी पंजीकरण प्रमाण पत्र, पैन कार्ड, बैंक खाता विवरण, आयकर रिटर्न की प्रति एवं अद्यावधिक रजिस्ट्रेशन प्रमाण पत्र सहित दिनांक 29.04.2025 को अपरान्ह 02:00 बजे तक ग्राम पंचायत कार्यालय में जमा कर सकते हैं। प्राप्त निविदायें उसी दिन अपरान्ह 03:00 बजे उपस्थित निविदादाताओं अथवा उनके प्रतिनिधियों के समक्ष खोली जायेंगी। निविदा के साथ धरोहर राशि ग्राम प्रधान एवं ग्राम पंचायत सचिव के संयुक्त खाते के पक्ष में देय होगी। निविदा प्रपत्र किसी भी कार्यदिवस में कार्यालय से प्राप्त किया जा सकता है। दरें जीएसटी सहित अंकों एवं शब्दों दोनों में अंकित की जायें। आपूर्ति की गयी सामग्री की गुणवत्ता मानक के अनुरूप न होने पर भुगतान नहीं किया जायेगा तथा फर्म को काली सूची में डाला जा सकता है। सामग्री की आपूर्ति मांग के अनुसार कार्यस्थल पर करनी होगी तथा परिवहन व्यय फर्म द्वारा वहन किया जायेगा। निविदा की दरें सम्पूर्ण वित्तीय वर्ष तक मान्य रहेंगी। सशर्त निविदायें स्वीकार नहीं की जायेंगी। अपूर्ण अथवा निर्धारित तिथि एवं समय के उपरान्त प्राप्त निविदाओं पर कोई विचार नहीं किया जायेगा। न्यूनतम दर वाली निविदा को स्वीकार करना अनिवार्य नहीं होगा। किसी भी निविदा को बिना कारण बताये आंशिक अथवा पूर्ण रूप से स्वीकार या निरस्त करने का सम्पूर्ण अधिकार अधोहस्ताक्षरी में निहित होगा। किसी भी विवाद की स्थिति में न्यायिक क्षेत्र जनपद बाराबंकी ही होगा। सामग्री की आपूर्ति के उपरान्त बिल प्रस्तुत करने पर भुगतान नियमानुसार किया जायेगा। सभी प्रकार के कर एवं शुल्क फर्म द्वारा देय होंगे तथा भुगतान के समय आयकर एवं जीएसटी की नियमानुसार कटौती की जायेगी। निविदादाता निविदा के साथ स्वप्रमाणित शपथ पत्र प्रस्तुत करेंगे कि उनकी फर्म किसी विभाग द्वारा काली सूची में नहीं है। निविदा से सम्बन्धित अन्य जानकारी कार्यालय समय में प्राप्त की जा सकती है।
सचिव ग्राम पंचायत	ग्राम प्रधान
ग्राम पंचायत कार्यालय, विकास खण्ड मसौली, जनपद बाराबंकी
कार्यालय ग्रा. पं. - प्रतापगंज, वि.ख. मसौली , जनपद- बाराबंकी
पत्रांक-मेमो/ग्रा0पं0/2025-26 दिनांक-15.04.2025
वार्षिक निविदा आपूर्ति सूचना
ग्राम पंचायत विकास योजना (जीपीडीपी) एवं राज्य वित्त आयोग तथा केन्द्रीय वित्त आयोग के अन्तर्गत वित्तीय वर्ष 2025-26 में ग्राम पंचायत क्षेत्रान्तर्गत कराये जाने वाले विभिन्न निर्माण एवं विकास कार्यों हेतु निर्माण सामग्री यथा ईंट, बालू, मौरंग, गिट्टी, सीमेन्ट, सरिया, इण्टरलॉकिंग, पाइप, लाइट, स्ट्रीट लाइट, हैण्डपम्प सामग्री, सोलर लाइट, फर्नीचर, स्टेशनरी, कम्प्यूटर सामग्री, खेलकूद सामग्री, ब्लीचिंग पाउडर, चूना, दवा छिड़काव सामग्री एवं अन्य आवश्यक सामग्री की आपूर्ति हेतु पंजीकृत फर्मों से मुहरबन्द निविदायें आमंत्रित की जाती हैं। इच्छुक फर्में अपनी निविदा जीएसटी पंजीकरण प्रमाण पत्र, पैन कार्ड, बैंक खाता विवरण, आयकर रिटर्न की प्रति एवं अद्यावधिक रजिस्ट्रेशन प्रमाण पत्र सहित दिनांक 29.04.2025 को अपरान्ह 02:00 बजे तक ग्राम पंचायत कार्यालय में जमा कर सकते हैं। प्राप्त निविदायें उसी दिन अपरान्ह 03:00 बजे उपस्थित निविदादाताओं अथवा उनके प्रतिनिधियों के समक्ष खोली जायेंगी। निविदा के साथ धरोहर राशि ग्राम प्रधान एवं ग्राम पंचायत सचिव के संयुक्त खाते के पक्ष में देय होगी। निविदा प्रपत्र किसी भी कार्यदिवस में कार्यालय से प्राप्त किया जा सकता है। दरें जीएसटी सहित अंकों एवं शब्दों दोनों में अंकित की जायें। आपूर्ति की गयी सामग्री की गुणवत्ता मानक के अनुरूप न होने पर भुगतान नहीं किया जायेगा तथा फर्म को काली सूची में डाला जा सकता है। सामग्री की आपूर्ति मांग के अनुसार कार्यस्थल पर करनी होगी तथा परिवहन व्यय फर्म द्वारा वहन किया जायेगा। निविदा की दरें सम्पूर्ण वित्तीय वर्ष तक मान्य रहेंगी। सशर्त निविदायें स्वीकार नहीं की जायेंगी। अपूर्ण अथवा निर्धारित तिथि एवं समय के उपरान्त प्राप्त निविदाओं पर कोई विचार नहीं किया जायेगा। न्यूनतम दर वाली निविदा को स्वीकार करना अनिवार्य नहीं होगा। किसी भी निविदा को बिना कारण बताये आंशिक अथवा पूर्ण रूप से स्वीकार या निरस्त करने का सम्पूर्ण अधिकार अधोहस्ताक्षरी में निहित होगा। किसी भी विवाद की स्थिति में न्यायिक क्षेत्र जनपद बाराबंकी ही होगा। सामग्री की आपूर्ति के उपरान्त बिल प्रस्तुत करने पर भुगतान नियमानुसार किया जायेगा। सभी प्रकार के कर एवं शुल्क फर्म द्वारा देय होंगे तथा भुगतान के समय आयकर एवं जीएसटी की नियमानुसार कटौती की जायेगी। निविदादाता निविदा के साथ स्वप्रमाणित शपथ पत्र प्रस्तुत करेंगे कि उनकी फर्म किसी विभाग द्वारा काली सूची में नहीं है। निविदा से सम्बन्धित अन्य जानकारी कार्यालय समय में प्राप्त की जा सकती है।
सचिव ग्राम पंचायत	ग्राम प्रधान
ग्राम पंचायत कार्यालय, विकास खण्ड मसौली, जनपद बाराबंकी
कार्यालय ग्रा. पं. - दादरा, वि.ख. मसौली , जनपद- बाराबंकी
पत्रांक-मेमो/ग्रा0पं0/2025-26 दिनांक-15.04.2025
वार्षिक निविदा आपूर्ति सूचना
ग्राम पंचायत विकास योजना (जीपीडीपी) एवं राज्य वित्त आयोग तथा केन्द्रीय वित्त आयोग के अन्तर्गत वित्तीय वर्ष 2025-26 में ग्राम पंचायत क्षेत्रान्तर्गत कराये जाने वाले विभिन्न निर्माण एवं विकास कार्यों हेतु निर्माण सामग्री यथा ईंट, बालू, मौरंग, गिट्टी, सीमेन्ट, सरिया, इण्टरलॉकिंग, पाइप, लाइट, स्ट्रीट लाइट, हैण्डपम्प सामग्री, सोलर लाइट, फर्नीचर, स्टेशनरी, कम्प्यूटर सामग्री, खेलकूद सामग्री, ब्लीचिंग पाउडर, चूना, दवा छिड़काव सामग्री एवं अन्य आवश्यक सामग्री की आपूर्ति हेतु पंजीकृत फर्मों से मुहरबन्द निविदायें आमंत्रित की जाती हैं। इच्छुक फर्में अपनी निविदा जीएसटी पंजीकरण प्रमाण पत्र, पैन कार्ड, बैंक खाता विवरण, आयकर रिटर्न की प्रति एवं अद्यावधिक रजिस्ट्रेशन प्रमाण पत्र सहित दिनांक 29.04.2025 को अपरान्ह 02:00 बजे तक ग्राम पंचायत कार्यालय में जमा कर सकते हैं। प्राप्त निविदायें उसी दिन अपरान्ह 03:00 बजे उपस्थित निविदादाताओं अथवा उनके प्रतिनिधियों के समक्ष खोली जायेंगी। निविदा के साथ धरोहर राशि ग्राम प्रधान एवं ग्राम पंचायत सचिव के संयुक्त खाते के पक्ष में देय होगी। निविदा प्रपत्र किसी भी कार्यदिवस में कार्यालय से प्राप्त किया जा सकता है। दरें जीएसटी सहित अंकों एवं शब्दों दोनों में अंकित की जायें। आपूर्ति की गयी सामग्री की गुणवत्ता मानक के अनुरूप न होने पर भुगतान नहीं किया जायेगा तथा फर्म को काली सूची में डाला जा सकता है। सामग्री की आपूर्ति मांग के अनुसार कार्यस्थल पर करनी होगी तथा परिवहन व्यय फर्म द्वारा वहन किया जायेगा। निविदा की दरें सम्पूर्ण वित्तीय वर्ष तक मान्य रहेंगी। सशर्त निविदायें स्वीकार नहीं की जायेंगी। अपूर्ण अथवा निर्धारित तिथि एवं समय के उपरान्त प्राप्त निविदाओं पर कोई विचार नहीं किया जायेगा। न्यूनतम दर वाली निविदा को स्वीकार करना अनिवार्य नहीं होगा। किसी भी निविदा को बिना कारण बताये आंशिक अथवा पूर्ण रूप से स्वीकार या निरस्त करने का सम्पूर्ण अधिकार अधोहस्ताक्षरी में निहित होगा। किसी भी विवाद की स्थिति में न्यायिक क्षेत्र जनपद बाराबंकी ही होगा। सामग्री की आपूर्ति के उपरान्त बिल प्रस्तुत करने पर भुगतान नियमानुसार किया जायेगा। सभी प्रकार के कर एवं शुल्क फर्म द्वारा देय होंगे तथा भुगतान के समय आयकर एवं जीएसटी की नियमानुसार कटौती की जायेगी। निविदादाता निविदा के साथ स्वप्रमाणित शपथ पत्र प्रस्तुत करेंगे कि उनकी फर्म किसी विभाग द्वारा काली सूची में नहीं है। निविदा से सम्बन्धित अन्य जानकारी कार्यालय समय में प्राप्त की जा सकती है।
सचिव ग्राम पंचायत	ग्राम प्रधान
ग्राम पंचायत कार्यालय, विकास खण्ड मसौली, जनपद बाराबंकी
कार्यालय ग्रा. पं. - सैदाबाद, वि.ख. मसौली , जनपद- बाराबंकी
पत्रांक-मेमो/ग्रा0पं0/2025-26 दिनांक-15.04.2025
वार्षिक निविदा आपूर्ति सूचना
ग्राम पंचायत विकास योजना (जीपीडीपी) एवं राज्य वित्त आयोग तथा केन्द्रीय वित्त आयोग के अन्तर्गत वित्तीय वर्ष 2025-26 में ग्राम पंचायत क्षेत्रान्तर्गत कराये जाने वाले विभिन्न निर्माण एवं विकास कार्यों हेतु निर्माण सामग्री यथा ईंट, बालू, मौरंग, गिट्टी, सीमेन्ट, सरिया, इण्टरलॉकिंग, पाइप, लाइट, स्ट्रीट लाइट, हैण्डपम्प सामग्री, सोलर लाइट, फर्नीचर, स्टेशनरी, कम्प्यूटर सामग्री, खेलकूद सामग्री, ब्लीचिंग पाउडर, चूना, दवा छिड़काव सामग्री एवं अन्य आवश्यक सामग्री की आपूर्ति हेतु पंजीकृत फर्मों से मुहरबन्द निविदायें आमंत्रित की जाती हैं। इच्छुक फर्में अपनी निविदा जीएसटी पंजीकरण प्रमाण पत्र, पैन कार्ड, बैंक खाता विवरण, आयकर रिटर्न की प्रति एवं अद्यावधिक रजिस्ट्रेशन प्रमाण पत्र सहित दिनांक 29.04.2025 को अपरान्ह 02:00 बजे तक ग्राम पंचायत कार्यालय में जमा कर सकते हैं। प्राप्त निविदायें उसी दिन अपरान्ह 03:00 बजे उपस्थित निविदादाताओं अथवा उनके प्रतिनिधियों के समक्ष खोली जायेंगी। निविदा के साथ धरोहर राशि ग्राम प्रधान एवं ग्राम पंचायत सचिव के संयुक्त खाते के पक्ष में देय होगी। निविदा प्रपत्र किसी भी कार्यदिवस में कार्यालय से प्राप्त किया जा सकता है। दरें जीएसटी सहित अंकों एवं शब्दों दोनों में अंकित की जायें। आपूर्ति की गयी सामग्री की गुणवत्ता मानक के अनुरूप न होने पर भुगतान नहीं किया जायेगा तथा फर्म को काली सूची में डाला जा सकता है। सामग्री की आपूर्ति मांग के अनुसार कार्यस्थल पर करनी होगी तथा परिवहन व्यय फर्म द्वारा वहन किया जायेगा। निविदा की दरें सम्पूर्ण वित्तीय वर्ष तक मान्य रहेंगी। सशर्त निविदायें स्वीकार नहीं की जायेंगी। अपूर्ण अथवा निर्धारित तिथि एवं समय के उपरान्त प्राप्त निविदाओं पर कोई विचार नहीं किया जायेगा। न्यूनतम दर वाली निविदा को स्वीकार करना अनिवार्य नहीं होगा। किसी भी निविदा को बिना कारण बताये आंशिक अथवा पूर्ण रूप से स्वीकार या निरस्त करने का सम्पूर्ण अधिकार अधोहस्ताक्षरी में निहित होगा। किसी भी विवाद की स्थिति में न्यायिक क्षेत्र जनपद बाराबंकी ही होगा। सामग्री की आपूर्ति के उपरान्त बिल प्रस्तुत करने पर भुगतान नियमानुसार किया जायेगा। सभी प्रकार के कर एवं शुल्क फर्म द्वारा देय होंगे तथा भुगतान के समय आयकर एवं जीएसटी की नियमानुसार कटौती की जायेगी। निविदादाता निविदा के साथ स्वप्रमाणित शपथ पत्र प्रस्तुत करेंगे कि उनकी फर्म किसी विभाग द्वारा काली सूची में नहीं है। निविदा से सम्बन्धित अन्य जानकारी कार्यालय समय में प्राप्त की जा सकती है।
सचिव ग्राम पंचायत	ग्राम प्रधान
ग्राम पंचायत कार्यालय, विकास खण्ड मसौली, जनपद बाराबंकी
कार्यालय ग्रा. पं. - सराहदावस्तयान, वि.ख. मसौली , जनपद- बाराबंकी
पत्रांक-मेमो/ग्रा0पं0/2025-26 दिनांक-15.04.2025
वार्षिक निविदा आपूर्ति सूचना
ग्राम पंचायत विकास योजना (जीपीडीपी) एवं राज्य वित्त आयोग तथा केन्द्रीय वित्त आयोग के अन्तर्गत वित्तीय वर्ष 2025-26 में ग्राम पंचायत क्षेत्रान्तर्गत कराये जाने वाले विभिन्न निर्माण एवं विकास कार्यों हेतु निर्माण सामग्री यथा ईंट, बालू, मौरंग, गिट्टी, सीमेन्ट, सरिया, इण्टरलॉकिंग, पाइप, लाइट, स्ट्रीट लाइट, हैण्डपम्प सामग्री, सोलर लाइट, फर्नीचर, स्टेशनरी, कम्प्यूटर सामग्री, खेलकूद सामग्री, ब्लीचिंग पाउडर, चूना, दवा छिड़काव सामग्री एवं अन्य आवश्यक सामग्री की आपूर्ति हेतु पंजीकृत फर्मों से मुहरबन्द निविदायें आमंत्रित की जाती हैं। इच्छुक फर्में अपनी निविदा जीएसटी पंजीकरण प्रमाण पत्र, पैन कार्ड, बैंक खाता विवरण, आयकर रिटर्न की प्रति एवं अद्यावधिक रजिस्ट्रेशन प्रमाण पत्र सहित दिनांक 29.04.2025 को अपरान्ह 02:00 बजे तक ग्राम पंचायत कार्यालय में जमा कर सकते हैं। प्राप्त निविदायें उसी दिन अपरान्ह 03:00 बजे उपस्थित निविदादाताओं अथवा उनके प्रतिनिधियों के समक्ष खोली जायेंगी। निविदा के साथ धरोहर राशि ग्राम प्रधान एवं ग्राम पंचायत सचिव के संयुक्त खाते के पक्ष में देय होगी। निविदा प्रपत्र किसी भी कार्यदिवस में कार्यालय से प्राप्त किया जा सकता है। दरें जीएसटी सहित अंकों एवं शब्दों दोनों में अंकित की जायें। आपूर्ति की गयी सामग्री की गुणवत्ता मानक के अनुरूप न होने पर भुगतान नहीं किया जायेगा तथा फर्म को काली सूची में डाला जा सकता है। सामग्री की आपूर्ति मांग के अनुसार कार्यस्थल पर करनी होगी तथा परिवहन व्यय फर्म द्वारा वहन किया जायेगा। निविदा की दरें सम्पूर्ण वित्तीय वर्ष तक मान्य रहेंगी। सशर्त निविदायें स्वीकार नहीं की जायेंगी। अपूर्ण अथवा निर्धारित तिथि एवं समय के उपरान्त प्राप्त निविदाओं पर कोई विचार नहीं किया जायेगा। न्यूनतम दर वाली निविदा को स्वीकार करना अनिवार्य नहीं होगा। किसी भी निविदा को बिना कारण बताये आंशिक अथवा पूर्ण रूप से स्वीकार या निरस्त करने का सम्पूर्ण अधिकार अधोहस्ताक्षरी में निहित होगा। किसी भी विवाद की स्थिति में न्यायिक क्षेत्र जनपद बाराबंकी ही होगा। सामग्री की आपूर्ति के उपरान्त बिल प्रस्तुत करने पर भुगतान नियमानुसार किया जायेगा। सभी प्रकार के कर एवं शुल्क फर्म द्वारा देय होंगे तथा भुगतान के समय आयकर एवं जीएसटी की नियमानुसार कटौती की जायेगी। निविदादाता निविदा के साथ स्वप्रमाणित शपथ पत्र प्रस्तुत करेंगे कि उनकी फर्म किसी विभाग द्वारा काली सूची में नहीं है। निविदा से सम्बन्धित अन्य जानकारी कार्यालय समय में प्राप्त की जा सकती है।
सचिव ग्राम पंचायत	ग्राम प्रधान
ग्राम पंचायत कार्यालय, विकास खण्ड मसौली, जनपद बाराबंकी
C	M	K
